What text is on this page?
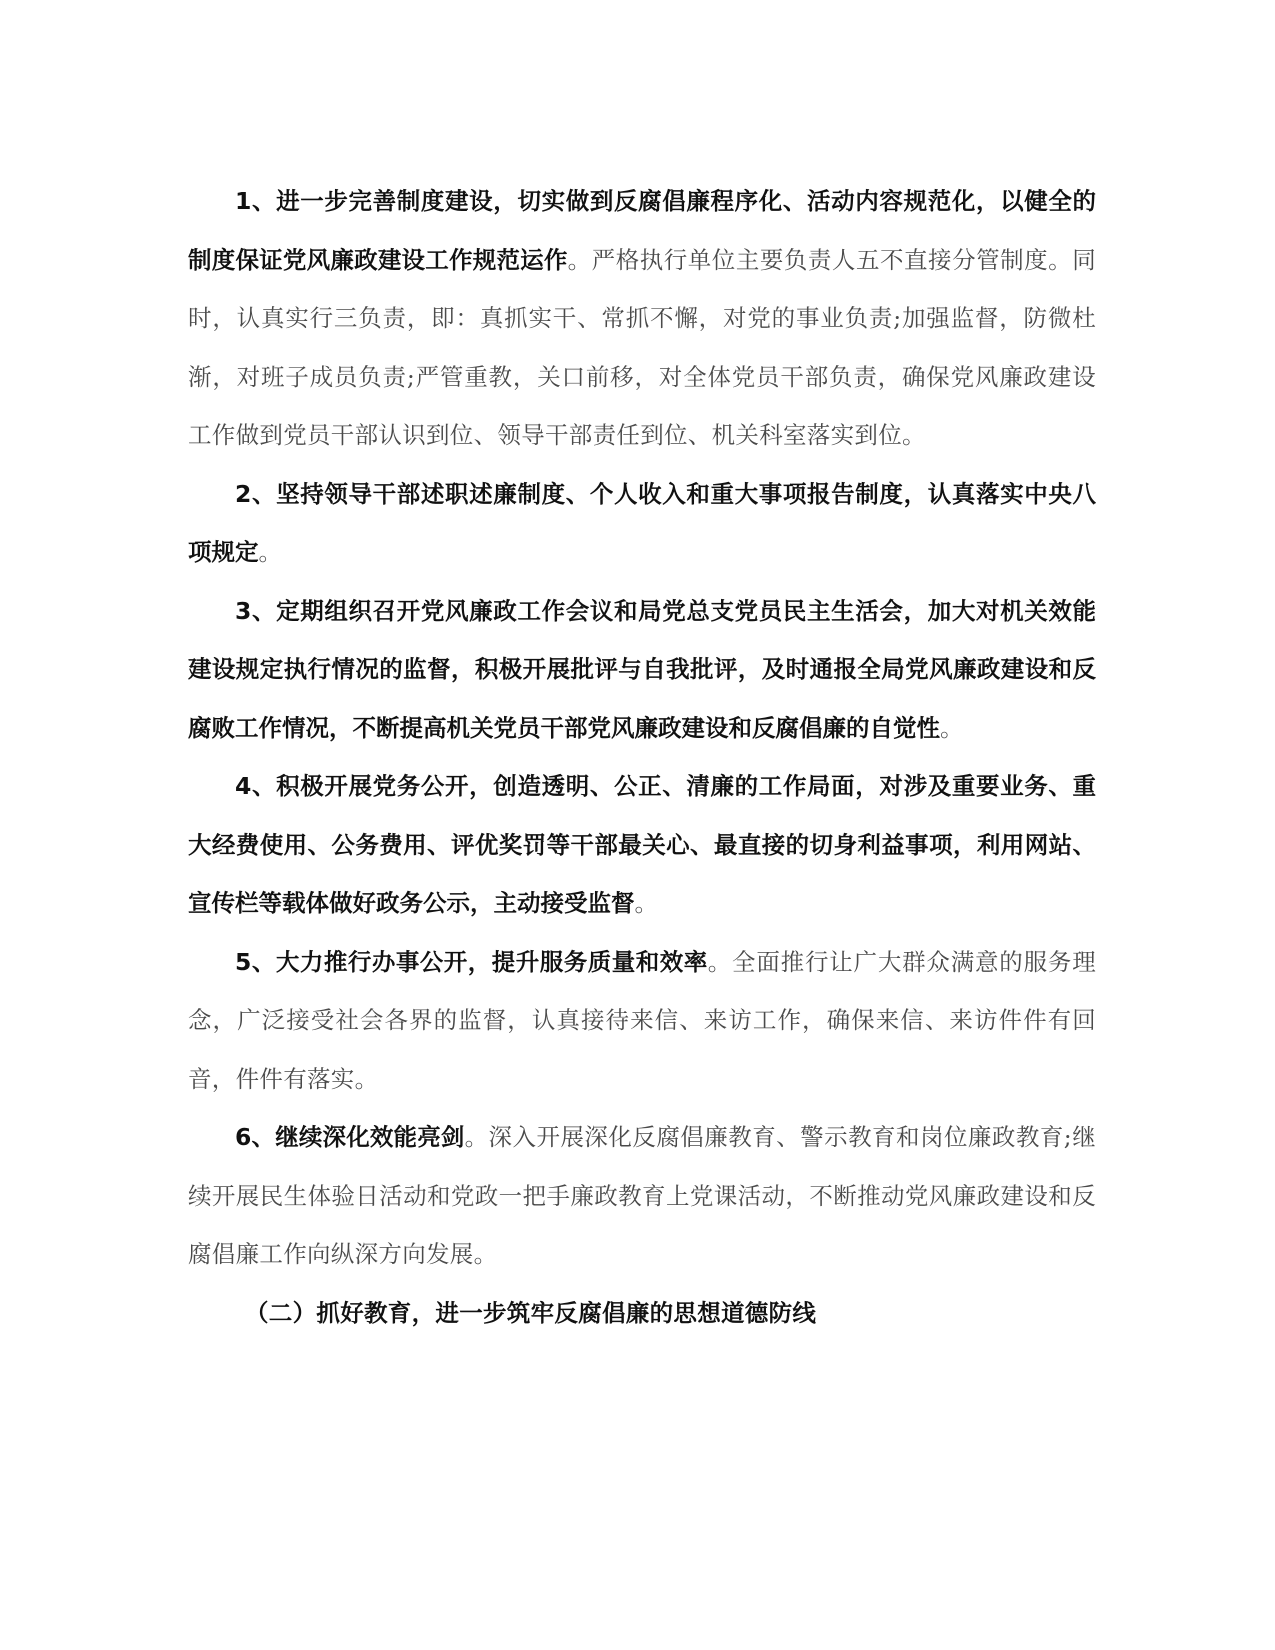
1、进一步完善制度建设，切实做到反腐倡廉程序化、活动内容规范化，以健全的制度保证党风廉政建设工作规范运作。严格执行单位主要负责人五不直接分管制度。同时，认真实行三负责，即：真抓实干、常抓不懈，对党的事业负责;加强监督，防微杜渐，对班子成员负责;严管重教，关口前移，对全体党员干部负责，确保党风廉政建设工作做到党员干部认识到位、领导干部责任到位、机关科室落实到位。

2、坚持领导干部述职述廉制度、个人收入和重大事项报告制度，认真落实中央八项规定。

3、定期组织召开党风廉政工作会议和局党总支党员民主生活会，加大对机关效能建设规定执行情况的监督，积极开展批评与自我批评，及时通报全局党风廉政建设和反腐败工作情况，不断提高机关党员干部党风廉政建设和反腐倡廉的自觉性。

4、积极开展党务公开，创造透明、公正、清廉的工作局面，对涉及重要业务、重大经费使用、公务费用、评优奖罚等干部最关心、最直接的切身利益事项，利用网站、宣传栏等载体做好政务公示，主动接受监督。

5、大力推行办事公开，提升服务质量和效率。全面推行让广大群众满意的服务理念，广泛接受社会各界的监督，认真接待来信、来访工作，确保来信、来访件件有回音，件件有落实。

6、继续深化效能亮剑。深入开展深化反腐倡廉教育、警示教育和岗位廉政教育;继续开展民生体验日活动和党政一把手廉政教育上党课活动，不断推动党风廉政建设和反腐倡廉工作向纵深方向发展。

（二）抓好教育，进一步筑牢反腐倡廉的思想道德防线
